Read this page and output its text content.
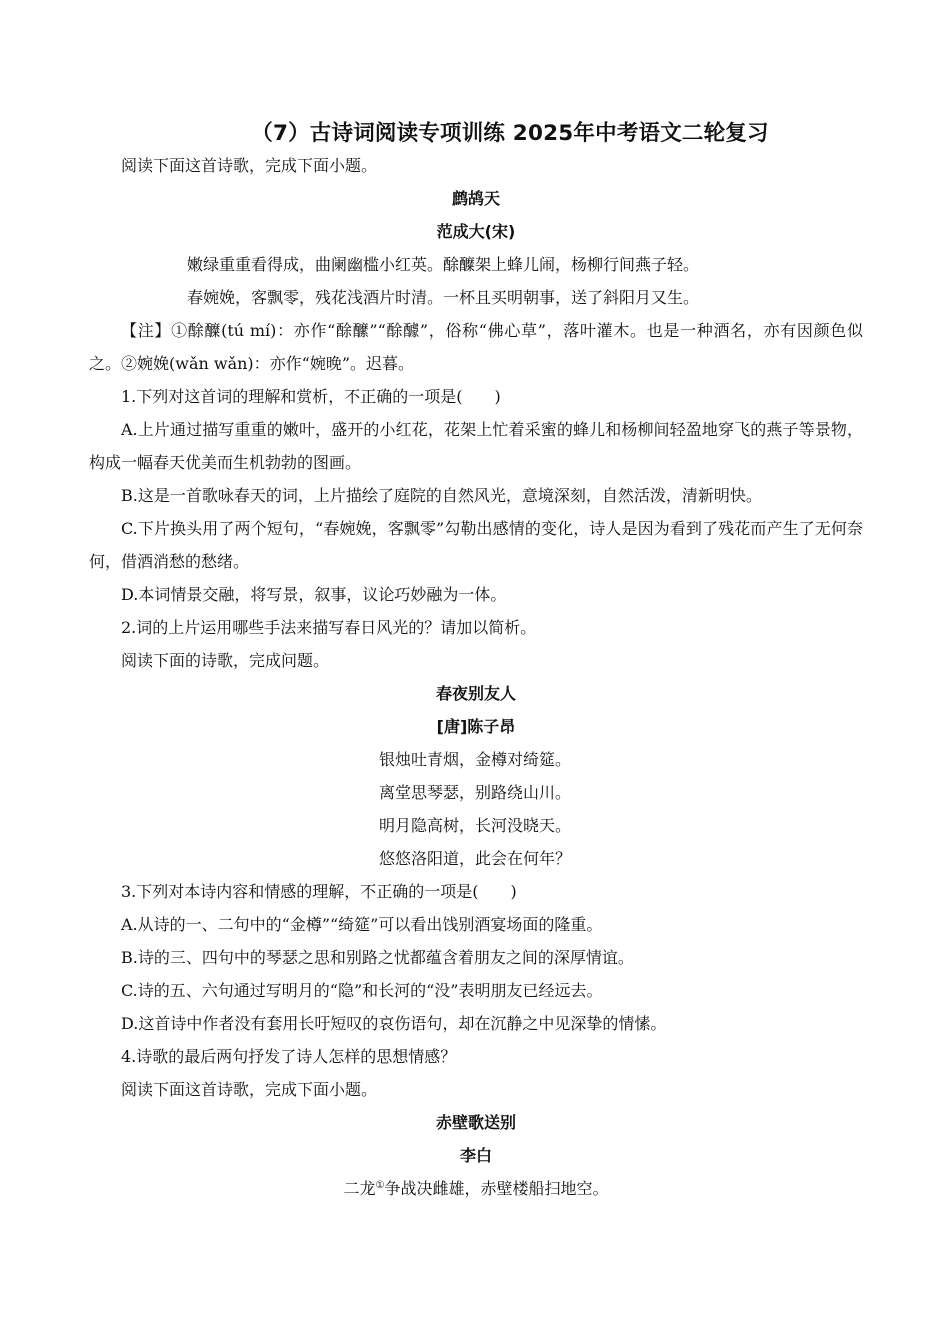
（7）古诗词阅读专项训练 2025年中考语文二轮复习

阅读下面这首诗歌，完成下面小题。

鹧鸪天

范成大(宋)

嫩绿重重看得成，曲阑幽槛小红英。酴醾架上蜂儿闹，杨柳行间燕子轻。

春婉娩，客飘零，残花浅酒片时清。一杯且买明朝事，送了斜阳月又生。

【注】①酴醾(tú mí)：亦作“酴醿”“酴醵”，俗称“佛心草”，落叶灌木。也是一种酒名，亦有因颜色似之。②婉娩(wǎn wǎn)：亦作“婉晚”。迟暮。

1.下列对这首词的理解和赏析，不正确的一项是(　　)

A.上片通过描写重重的嫩叶，盛开的小红花，花架上忙着采蜜的蜂儿和杨柳间轻盈地穿飞的燕子等景物，构成一幅春天优美而生机勃勃的图画。

B.这是一首歌咏春天的词，上片描绘了庭院的自然风光，意境深刻，自然活泼，清新明快。

C.下片换头用了两个短句，“春婉娩，客飘零”勾勒出感情的变化，诗人是因为看到了残花而产生了无何奈何，借酒消愁的愁绪。

D.本词情景交融，将写景，叙事，议论巧妙融为一体。

2.词的上片运用哪些手法来描写春日风光的？请加以简析。

阅读下面的诗歌，完成问题。

春夜别友人

[唐]陈子昂

银烛吐青烟，金樽对绮筵。

离堂思琴瑟，别路绕山川。

明月隐高树，长河没晓天。

悠悠洛阳道，此会在何年？

3.下列对本诗内容和情感的理解，不正确的一项是(　　)

A.从诗的一、二句中的“金樽”“绮筵”可以看出饯别酒宴场面的隆重。

B.诗的三、四句中的琴瑟之思和别路之忧都蕴含着朋友之间的深厚情谊。

C.诗的五、六句通过写明月的“隐”和长河的“没”表明朋友已经远去。

D.这首诗中作者没有套用长吁短叹的哀伤语句，却在沉静之中见深挚的情愫。

4.诗歌的最后两句抒发了诗人怎样的思想情感？

阅读下面这首诗歌，完成下面小题。

赤壁歌送别

李白

二龙①争战决雌雄，赤壁楼船扫地空。
